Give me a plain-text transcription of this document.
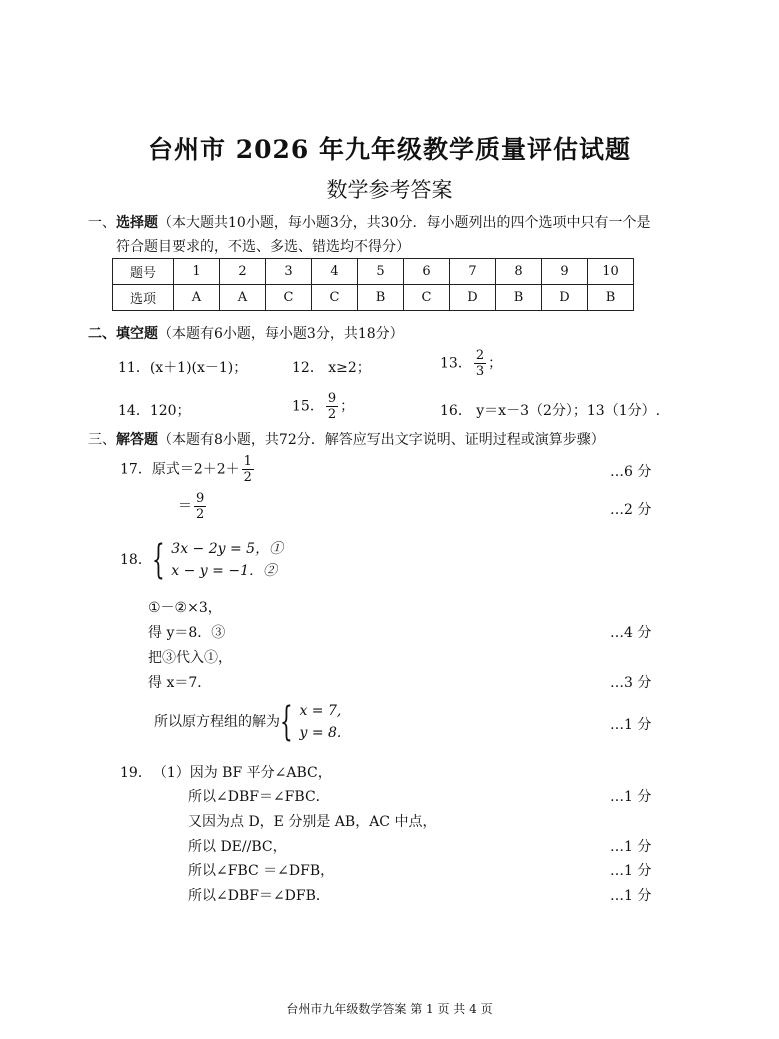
台州市 2026 年九年级教学质量评估试题
数学参考答案
一、选择题（本大题共10小题，每小题3分，共30分．每小题列出的四个选项中只有一个是
符合题目要求的，不选、多选、错选均不得分）
题号	1	2	3	4	5	6	7	8	9	10
选项	A	A	C	C	B	C	D	B	D	B
二、填空题（本题有6小题，每小题3分，共18分）
11．(x＋1)(x－1)；	12． x≥2；	13． $\frac{2}{3}$ ；
14．120；	15． $\frac{9}{2}$ ；	16． y＝x－3（2分）；13（1分）.
三、解答题（本题有8小题，共72分．解答应写出文字说明、证明过程或演算步骤）
17．原式$=2+2+ \frac{1}{2}$	…6 分
＝ $\frac{9}{2}$	…2 分
18．{ 3x − 2y = 5，①
x − y = −1．②
①－②×3，
得 y＝8．③	…4 分
把③代入①，
得 x＝7．	…3 分
所以原方程组的解为{ x = 7,
y = 8.	…1 分
19． （1）因为 BF 平分∠ABC，
所以∠DBF＝∠FBC．	…1 分
又因为点 D，E 分别是 AB，AC 中点，
所以 DE//BC，	…1 分
所以∠FBC ＝∠DFB，	…1 分
所以∠DBF＝∠DFB．	…1 分
台州市九年级数学答案 第 1 页 共 4 页
